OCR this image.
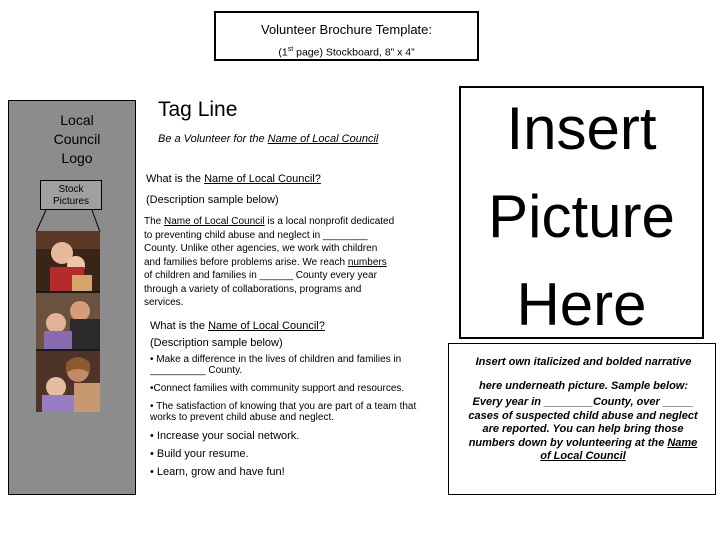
Volunteer Brochure Template:
(1st page) Stockboard, 8” x 4”
Local
Council
Logo
Stock
Pictures
Tag Line
Be a Volunteer for the Name of Local Council
What is the Name of Local Council?
(Description sample below)
The Name of Local Council is a local nonprofit dedicated
to preventing child abuse and neglect in ________
County. Unlike other agencies, we work with children
and families before problems arise. We reach numbers
of children and families in ______ County every year
through a variety of collaborations, programs and
services.
What is the Name of Local Council?
(Description sample below)
• Make a difference in the lives of children and families in __________ County.
•Connect families with community support and resources.
• The satisfaction of knowing that you are part of a team that works to prevent child abuse and neglect.
• Increase your social network.
• Build your resume.
• Learn, grow and have fun!
Insert
Picture
Here
Insert own italicized and bolded narrative
here underneath picture. Sample below:
Every year in ________County, over _____
cases of suspected child abuse and neglect
are reported. You can help bring those
numbers down by volunteering at the Name
of Local Council
